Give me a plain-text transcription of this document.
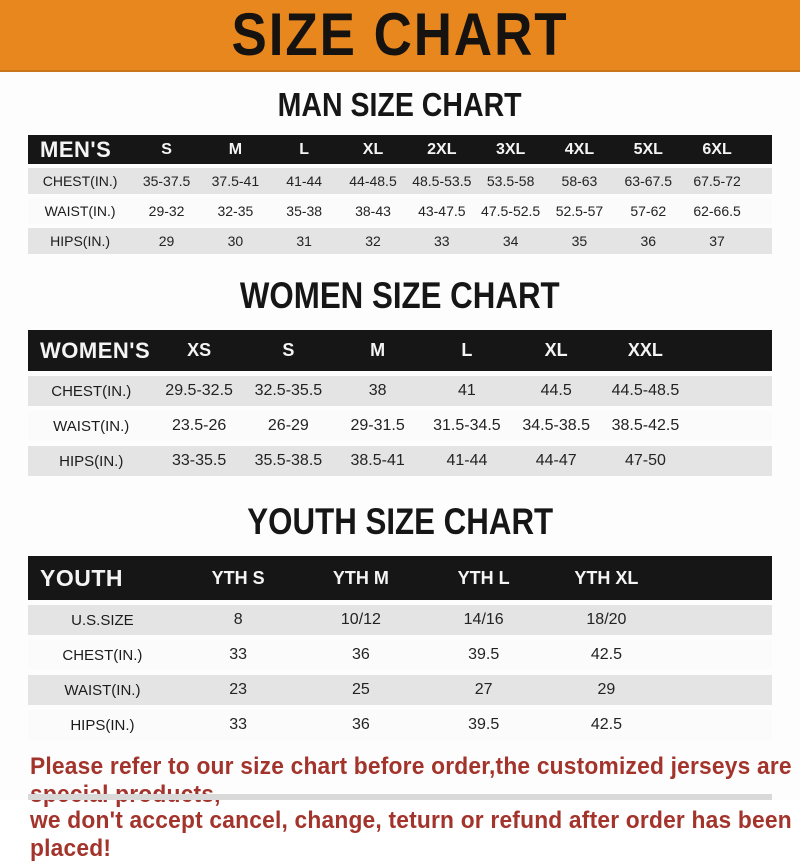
SIZE CHART
MAN SIZE CHART
MEN'S	S	M	L	XL	2XL	3XL	4XL	5XL	6XL
CHEST(IN.)	35-37.5	37.5-41	41-44	44-48.5	48.5-53.5	53.5-58	58-63	63-67.5	67.5-72
WAIST(IN.)	29-32	32-35	35-38	38-43	43-47.5	47.5-52.5	52.5-57	57-62	62-66.5
HIPS(IN.)	29	30	31	32	33	34	35	36	37
WOMEN SIZE CHART
WOMEN'S	XS	S	M	L	XL	XXL
CHEST(IN.)	29.5-32.5	32.5-35.5	38	41	44.5	44.5-48.5
WAIST(IN.)	23.5-26	26-29	29-31.5	31.5-34.5	34.5-38.5	38.5-42.5
HIPS(IN.)	33-35.5	35.5-38.5	38.5-41	41-44	44-47	47-50
YOUTH SIZE CHART
YOUTH	YTH S	YTH M	YTH L	YTH XL
U.S.SIZE	8	10/12	14/16	18/20
CHEST(IN.)	33	36	39.5	42.5
WAIST(IN.)	23	25	27	29
HIPS(IN.)	33	36	39.5	42.5
Please refer to our size chart before order,the customized jerseys are
we don't accept cancel, change, teturn or refund after order has been placed!
